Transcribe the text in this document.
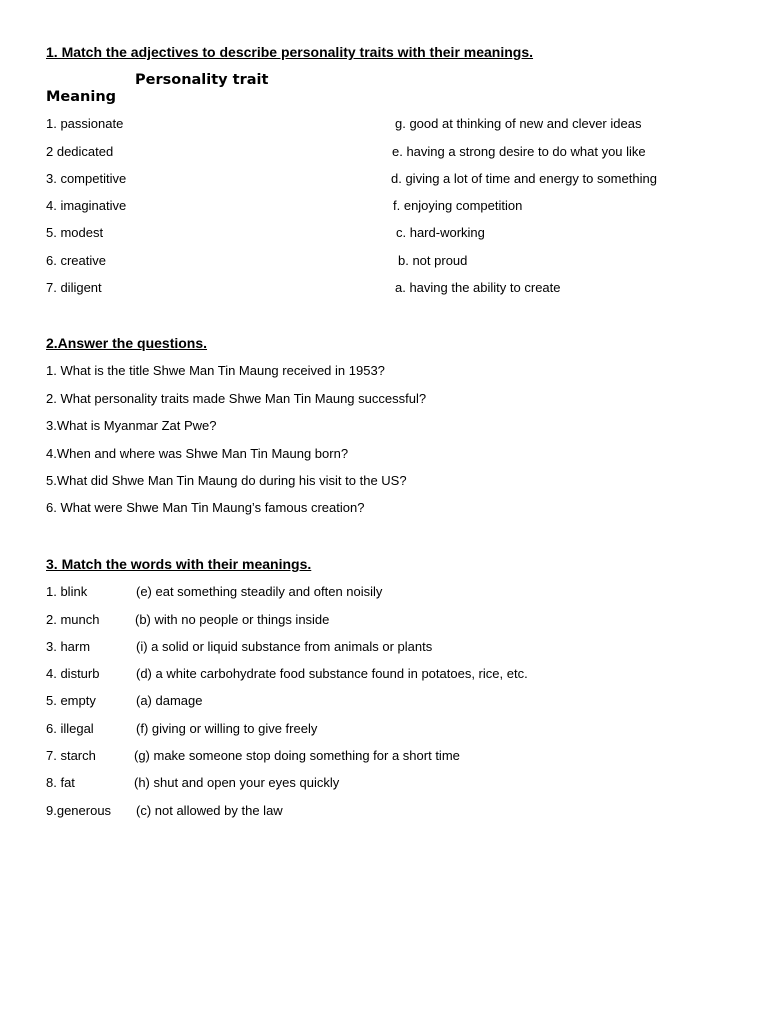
1. Match the adjectives to describe personality traits with their meanings.
Personality trait
Meaning
1. passionate	g. good at thinking of new and clever ideas
2 dedicated	e. having a strong desire to do what you like
3. competitive	d. giving a lot of time and energy to something
4. imaginative	f. enjoying competition
5. modest	c. hard-working
6. creative	b. not proud
7. diligent	a. having the ability to create
2.Answer the questions.
1. What is the title Shwe Man Tin Maung received in 1953?
2. What personality traits made Shwe Man Tin Maung successful?
3.What is Myanmar Zat Pwe?
4.When and where was Shwe Man Tin Maung born?
5.What did Shwe Man Tin Maung do during his visit to the US?
6. What were Shwe Man Tin Maung’s famous creation?
3. Match the words with their meanings.
1. blink	(e) eat something steadily and often noisily
2. munch	(b) with no people or things inside
3. harm	(i) a solid or liquid substance from animals or plants
4. disturb	(d) a white carbohydrate food substance found in potatoes, rice, etc.
5. empty	(a) damage
6. illegal	(f) giving or willing to give freely
7. starch	(g) make someone stop doing something for a short time
8. fat	(h) shut and open your eyes quickly
9.generous (c) not allowed by the law
